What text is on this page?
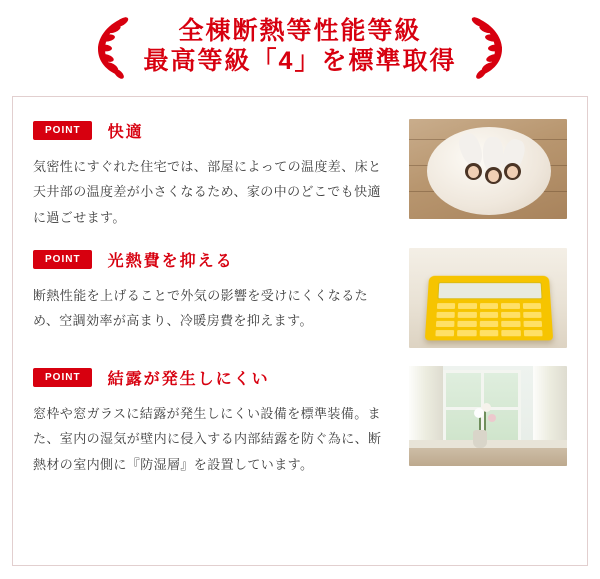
全棟断熱等性能等級
最高等級「4」を標準取得
POINT	快適
気密性にすぐれた住宅では、部屋によっての温度差、床と天井部の温度差が小さくなるため、家の中のどこでも快適に過ごせます。
POINT	光熱費を抑える
断熱性能を上げることで外気の影響を受けにくくなるため、空調効率が高まり、冷暖房費を抑えます。
POINT	結露が発生しにくい
窓枠や窓ガラスに結露が発生しにくい設備を標準装備。また、室内の湿気が壁内に侵入する内部結露を防ぐ為に、断熱材の室内側に『防湿層』を設置しています。
